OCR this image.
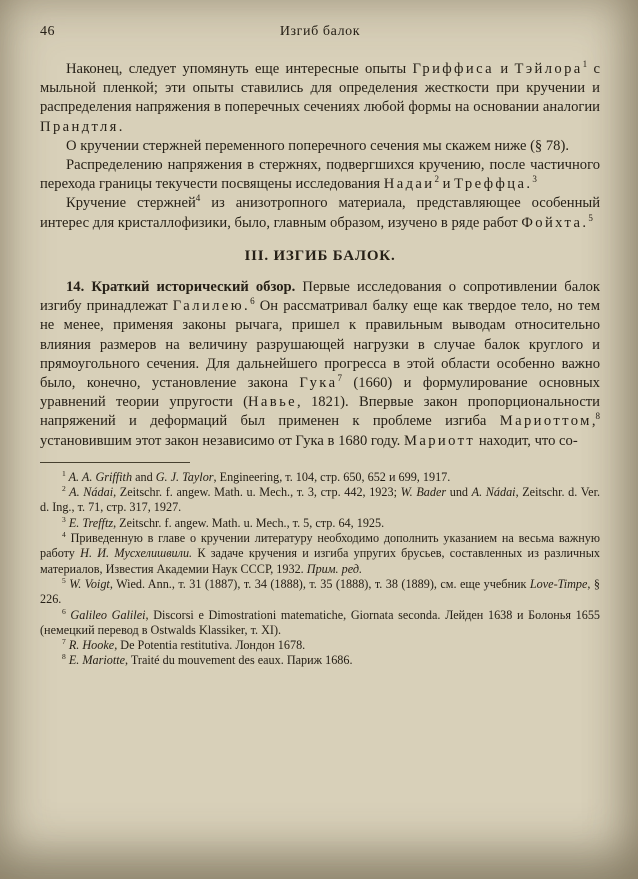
46	Изгиб балок

Наконец, следует упомянуть еще интересные опыты Гриффиса и Тэйлора$^1$ с мыльной пленкой; эти опыты ставились для определения жесткости при кручении и распределения напряжения в поперечных сечениях любой формы на основании аналогии Прандтля.

О кручении стержней переменного поперечного сечения мы скажем ниже (§ 78).

Распределению напряжения в стержнях, подвергшихся кручению, после частичного перехода границы текучести посвящены исследования Надаи$^2$ и Треффца.$^3$

Кручение стержней$^4$ из анизотропного материала, представляющее особенный интерес для кристаллофизики, было, главным образом, изучено в ряде работ Фойхта.$^5$

III. ИЗГИБ БАЛОК.

14. Краткий исторический обзор. Первые исследования о сопротивлении балок изгибу принадлежат Галилею.$^6$ Он рассматривал балку еще как твердое тело, но тем не менее, применяя законы рычага, пришел к правильным выводам относительно влияния размеров на величину разрушающей нагрузки в случае балок круглого и прямоугольного сечения. Для дальнейшего прогресса в этой области особенно важно было, конечно, установление закона Гука$^7$ (1660) и формулирование основных уравнений теории упругости (Навье, 1821). Впервые закон пропорциональности напряжений и деформаций был применен к проблеме изгиба Мариоттом,$^8$ установившим этот закон независимо от Гука в 1680 году. Мариотт находит, что со-

$^1$ A. A. Griffith and G. J. Taylor, Engineering, т. 104, стр. 650, 652 и 699, 1917.

$^2$ A. Nádai, Zeitschr. f. angew. Math. u. Mech., т. 3, стр. 442, 1923; W. Bader und A. Nádai, Zeitschr. d. Ver. d. Ing., т. 71, стр. 317, 1927.

$^3$ E. Trefftz, Zeitschr. f. angew. Math. u. Mech., т. 5, стр. 64, 1925.

$^4$ Приведенную в главе о кручении литературу необходимо дополнить указанием на весьма важную работу Н. И. Мусхелишвили. К задаче кручения и изгиба упругих брусьев, составленных из различных материалов, Известия Академии Наук СССР, 1932. Прим. ред.

$^5$ W. Voigt, Wied. Ann., т. 31 (1887), т. 34 (1888), т. 35 (1888), т. 38 (1889), см. еще учебник Love-Timpe, § 226.

$^6$ Galileo Galilei, Discorsi e Dimostrationi matematiche, Giornata seconda. Лейден 1638 и Болонья 1655 (немецкий перевод в Ostwalds Klassiker, т. XI).

$^7$ R. Hooke, De Potentia restitutiva. Лондон 1678.

$^8$ E. Mariotte, Traité du mouvement des eaux. Париж 1686.
